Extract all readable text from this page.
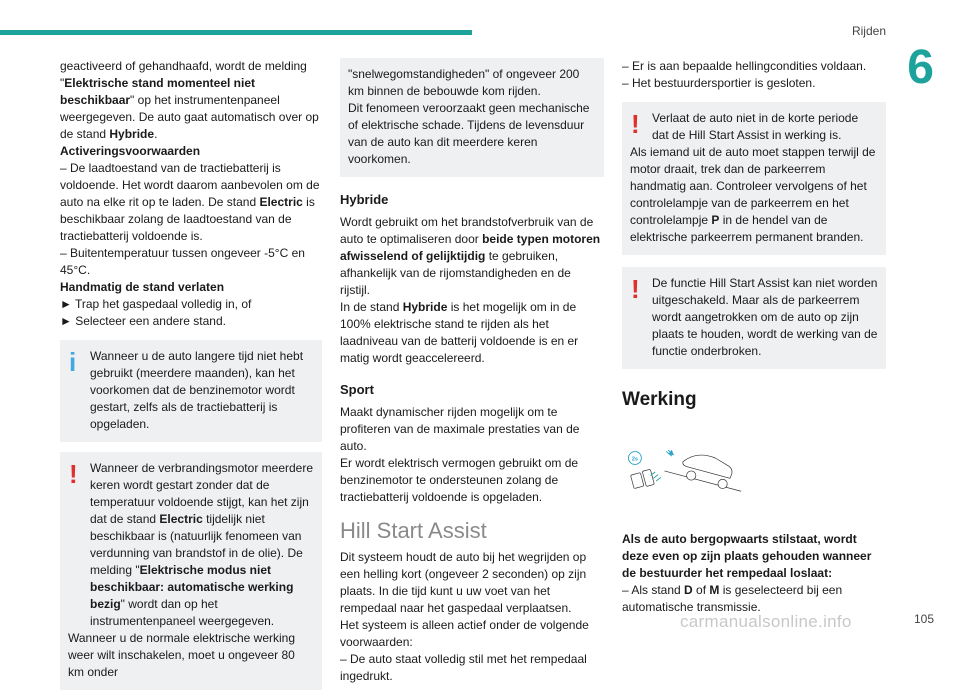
Rijden
6

geactiveerd of gehandhaafd, wordt de melding "Elektrische stand momenteel niet beschikbaar" op het instrumentenpaneel weergegeven. De auto gaat automatisch over op de stand Hybride.

Activeringsvoorwaarden

– De laadtoestand van de tractiebatterij is voldoende. Het wordt daarom aanbevolen om de auto na elke rit op te laden. De stand Electric is beschikbaar zolang de laadtoestand van de tractiebatterij voldoende is.

– Buitentemperatuur tussen ongeveer -5°C en 45°C.

Handmatig de stand verlaten

► Trap het gaspedaal volledig in, of

► Selecteer een andere stand.

i	Wanneer u de auto langere tijd niet hebt gebruikt (meerdere maanden), kan het voorkomen dat de benzinemotor wordt gestart, zelfs als de tractiebatterij is opgeladen.

!	Wanneer de verbrandingsmotor meerdere keren wordt gestart zonder dat de temperatuur voldoende stijgt, kan het zijn dat de stand Electric tijdelijk niet beschikbaar is (natuurlijk fenomeen van verdunning van brandstof in de olie). De melding "Elektrische modus niet beschikbaar: automatische werking bezig" wordt dan op het instrumentenpaneel weergegeven.

Wanneer u de normale elektrische werking weer wilt inschakelen, moet u ongeveer 80 km onder

"snelwegomstandigheden" of ongeveer 200 km binnen de bebouwde kom rijden.

Dit fenomeen veroorzaakt geen mechanische of elektrische schade. Tijdens de levensduur van de auto kan dit meerdere keren voorkomen.

Hybride

Wordt gebruikt om het brandstofverbruik van de auto te optimaliseren door beide typen motoren afwisselend of gelijktijdig te gebruiken, afhankelijk van de rijomstandigheden en de rijstijl.

In de stand Hybride is het mogelijk om in de 100% elektrische stand te rijden als het laadniveau van de batterij voldoende is en er matig wordt geaccelereerd.

Sport

Maakt dynamischer rijden mogelijk om te profiteren van de maximale prestaties van de auto.

Er wordt elektrisch vermogen gebruikt om de benzinemotor te ondersteunen zolang de tractiebatterij voldoende is opgeladen.

Hill Start Assist

Dit systeem houdt de auto bij het wegrijden op een helling kort (ongeveer 2 seconden) op zijn plaats. In die tijd kunt u uw voet van het rempedaal naar het gaspedaal verplaatsen.

Het systeem is alleen actief onder de volgende voorwaarden:

– De auto staat volledig stil met het rempedaal ingedrukt.

– Er is aan bepaalde hellingcondities voldaan.

– Het bestuurdersportier is gesloten.

!	Verlaat de auto niet in de korte periode dat de Hill Start Assist in werking is.

Als iemand uit de auto moet stappen terwijl de motor draait, trek dan de parkeerrem handmatig aan. Controleer vervolgens of het controlelampje van de parkeerrem en het controlelampje P in de hendel van de elektrische parkeerrem permanent branden.

!	De functie Hill Start Assist kan niet worden uitgeschakeld. Maar als de parkeerrem wordt aangetrokken om de auto op zijn plaats te houden, wordt de werking van de functie onderbroken.

Werking
2s

Als de auto bergopwaarts stilstaat, wordt deze even op zijn plaats gehouden wanneer de bestuurder het rempedaal loslaat:

– Als stand D of M is geselecteerd bij een automatische transmissie.

carmanualsonline.info	105
